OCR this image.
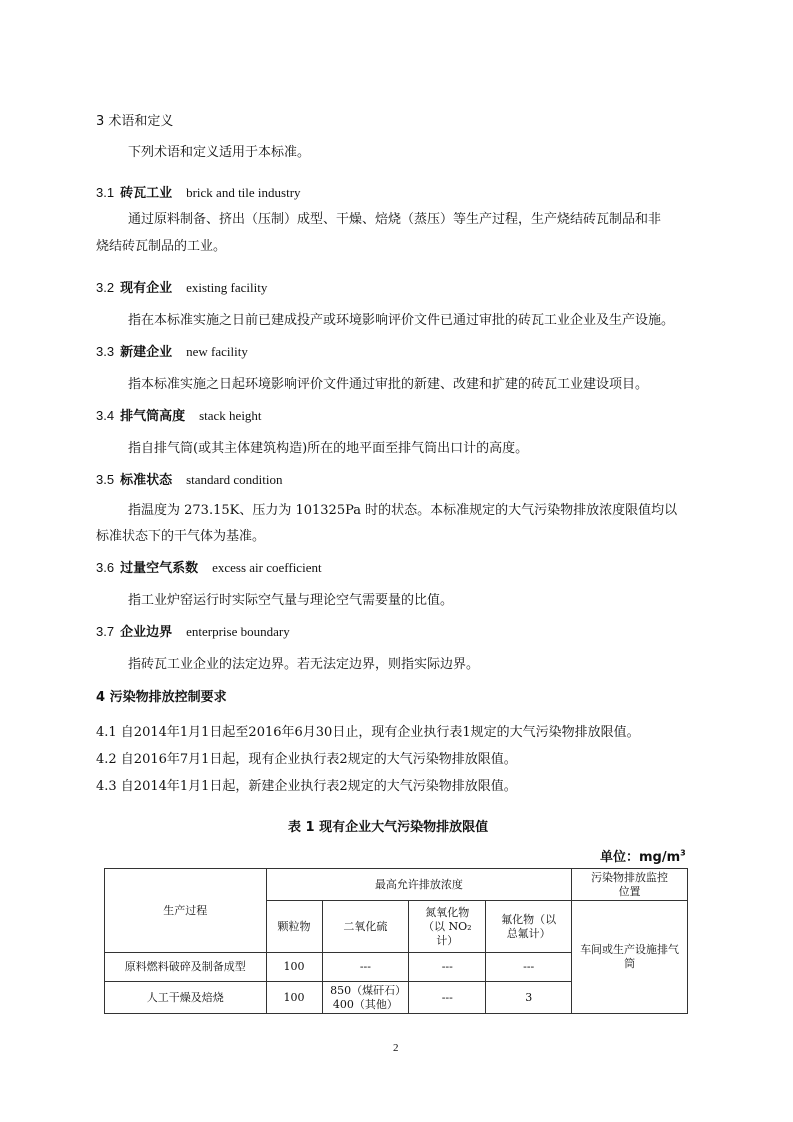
3 术语和定义
下列术语和定义适用于本标准。
3.1 砖瓦工业 brick and tile industry
通过原料制备、挤出（压制）成型、干燥、焙烧（蒸压）等生产过程，生产烧结砖瓦制品和非
烧结砖瓦制品的工业。
3.2 现有企业 existing facility
指在本标准实施之日前已建成投产或环境影响评价文件已通过审批的砖瓦工业企业及生产设施。
3.3 新建企业 new facility
指本标准实施之日起环境影响评价文件通过审批的新建、改建和扩建的砖瓦工业建设项目。
3.4 排气筒高度 stack height
指自排气筒(或其主体建筑构造)所在的地平面至排气筒出口计的高度。
3.5 标准状态 standard condition
指温度为 273.15K、压力为 101325Pa 时的状态。本标准规定的大气污染物排放浓度限值均以
标准状态下的干气体为基准。
3.6 过量空气系数 excess air coefficient
指工业炉窑运行时实际空气量与理论空气需要量的比值。
3.7 企业边界 enterprise boundary
指砖瓦工业企业的法定边界。若无法定边界，则指实际边界。
4 污染物排放控制要求
4.1 自2014年1月1日起至2016年6月30日止，现有企业执行表1规定的大气污染物排放限值。
4.2 自2016年7月1日起，现有企业执行表2规定的大气污染物排放限值。
4.3 自2014年1月1日起，新建企业执行表2规定的大气污染物排放限值。
表 1 现有企业大气污染物排放限值
单位：$mg/m^3$
生产过程	最高允许排放浓度				污染物排放监控位置
	颗粒物	二氧化硫	氮氧化物（以 NO₂计）	氟化物（以总氟计）	车间或生产设施排气筒
原料燃料破碎及制备成型	100	---	---	---	
人工干燥及焙烧	100	850（煤矸石）400（其他）	---	3	
2
